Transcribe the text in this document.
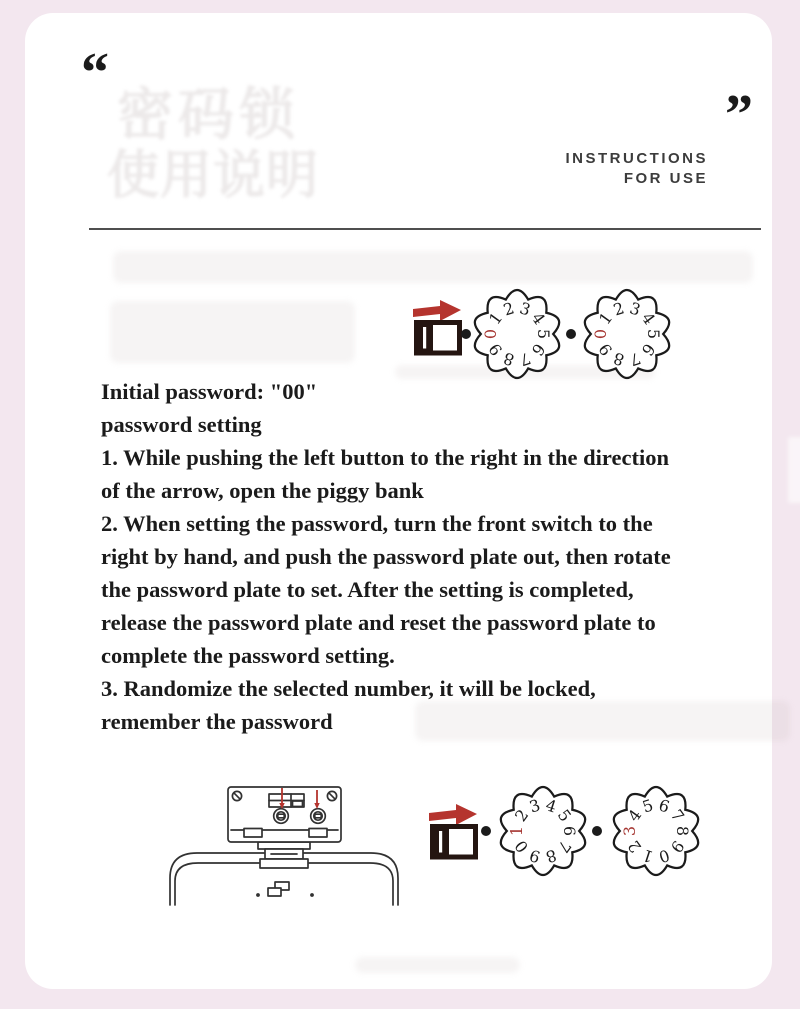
“
密码锁
使用说明
”
INSTRUCTIONS
FOR USE
0
1
2 3
4
5
6
7
8
9
0
1
2 3
4
5
6
7
8
9
Initial password: "00"
password setting
1. While pushing the left button to the right in the direction
of the arrow, open the piggy bank
2. When setting the password, turn the front switch to the
right by hand, and push the password plate out, then rotate
the password plate to set. After the setting is completed,
release the password plate and reset the password plate to
complete the password setting.
3. Randomize the selected number, it will be locked,
remember the password
1
2
3 4
5
6
7
8
9
0
3
4
5 6
7
8
9
0
1
2
